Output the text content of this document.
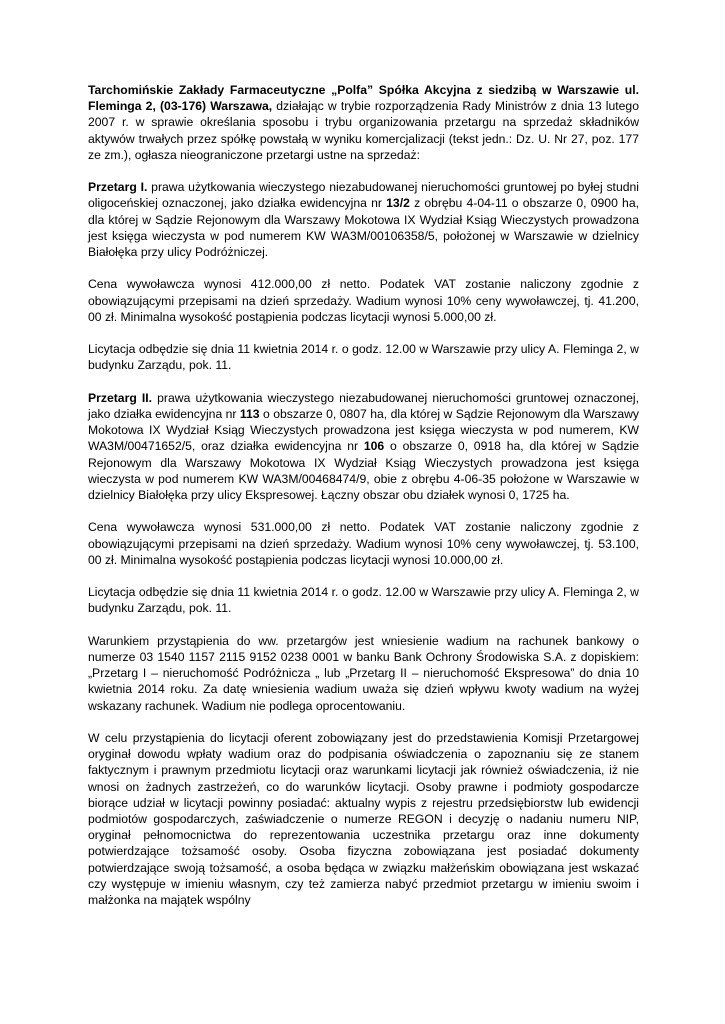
Tarchomińskie Zakłady Farmaceutyczne „Polfa” Spółka Akcyjna z siedzibą w Warszawie ul. Fleminga 2, (03-176) Warszawa, działając w trybie rozporządzenia Rady Ministrów z dnia 13 lutego 2007 r. w sprawie określania sposobu i trybu organizowania przetargu na sprzedaż składników aktywów trwałych przez spółkę powstałą w wyniku komercjalizacji (tekst jedn.: Dz. U. Nr 27, poz. 177 ze zm.), ogłasza nieograniczone przetargi ustne na sprzedaż:

Przetarg I. prawa użytkowania wieczystego niezabudowanej nieruchomości gruntowej po byłej studni oligoceńskiej oznaczonej, jako działka ewidencyjna nr 13/2 z obrębu 4-04-11 o obszarze 0, 0900 ha, dla której w Sądzie Rejonowym dla Warszawy Mokotowa IX Wydział Ksiąg Wieczystych prowadzona jest księga wieczysta w pod numerem KW WA3M/00106358/5, położonej w Warszawie w dzielnicy Białołęka przy ulicy Podróżniczej.

Cena wywoławcza wynosi 412.000,00 zł netto. Podatek VAT zostanie naliczony zgodnie z obowiązującymi przepisami na dzień sprzedaży. Wadium wynosi 10% ceny wywoławczej, tj. 41.200, 00 zł. Minimalna wysokość postąpienia podczas licytacji wynosi 5.000,00 zł.

Licytacja odbędzie się dnia 11 kwietnia 2014 r. o godz. 12.00 w Warszawie przy ulicy A. Fleminga 2, w budynku Zarządu, pok. 11.

Przetarg II. prawa użytkowania wieczystego niezabudowanej nieruchomości gruntowej oznaczonej, jako działka ewidencyjna nr 113 o obszarze 0, 0807 ha, dla której w Sądzie Rejonowym dla Warszawy Mokotowa IX Wydział Ksiąg Wieczystych prowadzona jest księga wieczysta w pod numerem, KW WA3M/00471652/5, oraz działka ewidencyjna nr 106 o obszarze 0, 0918 ha, dla której w Sądzie Rejonowym dla Warszawy Mokotowa IX Wydział Ksiąg Wieczystych prowadzona jest księga wieczysta w pod numerem KW WA3M/00468474/9, obie z obrębu 4-06-35 położone w Warszawie w dzielnicy Białołęka przy ulicy Ekspresowej. Łączny obszar obu działek wynosi 0, 1725 ha.

Cena wywoławcza wynosi 531.000,00 zł netto. Podatek VAT zostanie naliczony zgodnie z obowiązującymi przepisami na dzień sprzedaży. Wadium wynosi 10% ceny wywoławczej, tj. 53.100, 00 zł. Minimalna wysokość postąpienia podczas licytacji wynosi 10.000,00 zł.

Licytacja odbędzie się dnia 11 kwietnia 2014 r. o godz. 12.00 w Warszawie przy ulicy A. Fleminga 2, w budynku Zarządu, pok. 11.

Warunkiem przystąpienia do ww. przetargów jest wniesienie wadium na rachunek bankowy o numerze 03 1540 1157 2115 9152 0238 0001 w banku Bank Ochrony Środowiska S.A. z dopiskiem: „Przetarg I – nieruchomość Podróżnicza „ lub „Przetarg II – nieruchomość Ekspresowa” do dnia 10 kwietnia 2014 roku. Za datę wniesienia wadium uważa się dzień wpływu kwoty wadium na wyżej wskazany rachunek. Wadium nie podlega oprocentowaniu.

W celu przystąpienia do licytacji oferent zobowiązany jest do przedstawienia Komisji Przetargowej oryginał dowodu wpłaty wadium oraz do podpisania oświadczenia o zapoznaniu się ze stanem faktycznym i prawnym przedmiotu licytacji oraz warunkami licytacji jak również oświadczenia, iż nie wnosi on żadnych zastrzeżeń, co do warunków licytacji. Osoby prawne i podmioty gospodarcze biorące udział w licytacji powinny posiadać: aktualny wypis z rejestru przedsiębiorstw lub ewidencji podmiotów gospodarczych, zaświadczenie o numerze REGON i decyzję o nadaniu numeru NIP, oryginał pełnomocnictwa do reprezentowania uczestnika przetargu oraz inne dokumenty potwierdzające tożsamość osoby. Osoba fizyczna zobowiązana jest posiadać dokumenty potwierdzające swoją tożsamość, a osoba będąca w związku małżeńskim obowiązana jest wskazać czy występuje w imieniu własnym, czy też zamierza nabyć przedmiot przetargu w imieniu swoim i małżonka na majątek wspólny
